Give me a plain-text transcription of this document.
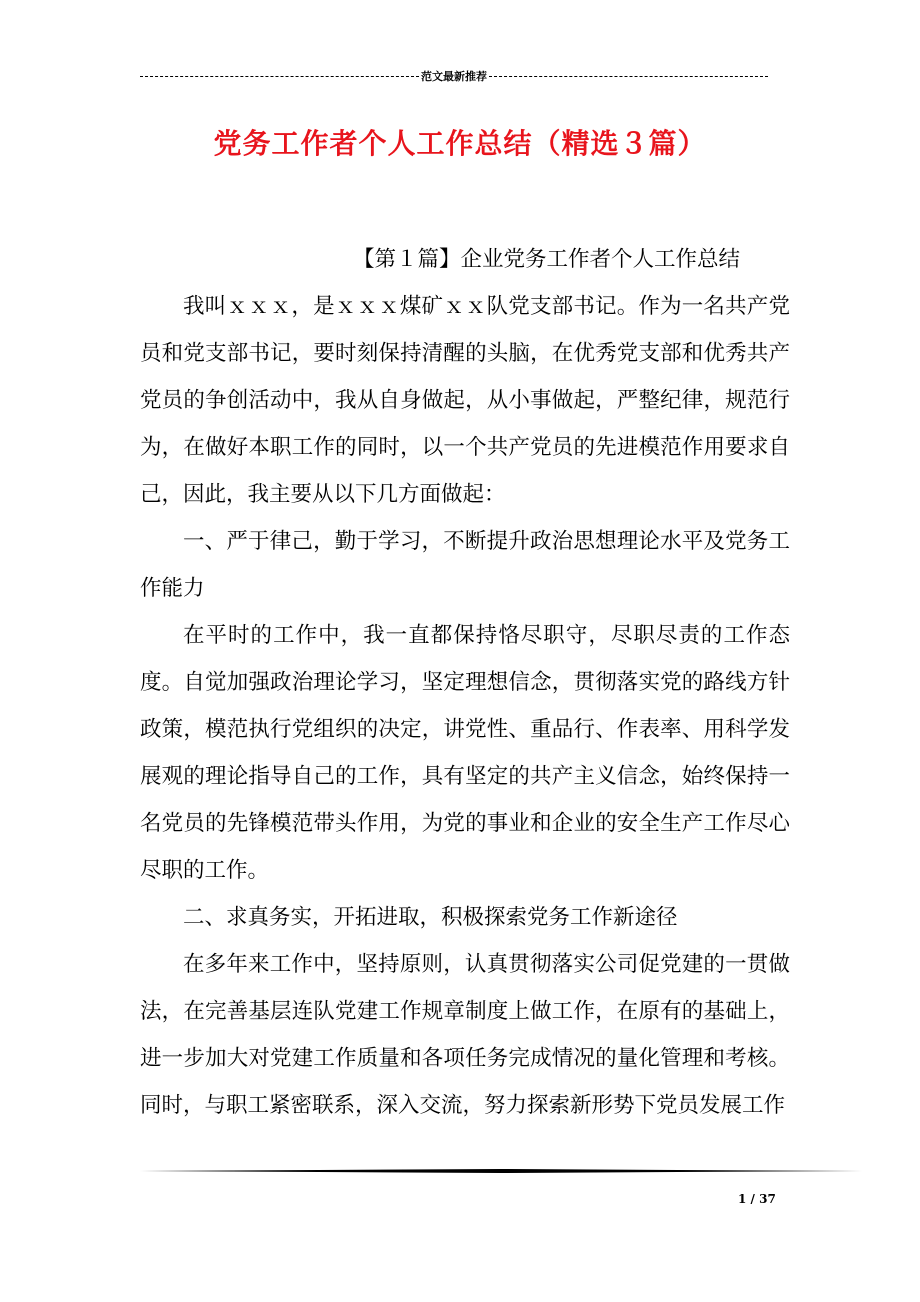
范文最新推荐
党务工作者个人工作总结（精选３篇）

【第１篇】企业党务工作者个人工作总结

我叫ｘｘｘ，是ｘｘｘ煤矿ｘｘ队党支部书记。作为一名共产党员和党支部书记，要时刻保持清醒的头脑，在优秀党支部和优秀共产党员的争创活动中，我从自身做起，从小事做起，严整纪律，规范行为，在做好本职工作的同时，以一个共产党员的先进模范作用要求自己，因此，我主要从以下几方面做起：

一、严于律己，勤于学习，不断提升政治思想理论水平及党务工作能力

在平时的工作中，我一直都保持恪尽职守，尽职尽责的工作态度。自觉加强政治理论学习，坚定理想信念，贯彻落实党的路线方针政策，模范执行党组织的决定，讲党性、重品行、作表率、用科学发展观的理论指导自己的工作，具有坚定的共产主义信念，始终保持一名党员的先锋模范带头作用，为党的事业和企业的安全生产工作尽心尽职的工作。

二、求真务实，开拓进取，积极探索党务工作新途径

在多年来工作中，坚持原则，认真贯彻落实公司促党建的一贯做法，在完善基层连队党建工作规章制度上做工作，在原有的基础上，进一步加大对党建工作质量和各项任务完成情况的量化管理和考核。同时，与职工紧密联系，深入交流，努力探索新形势下党员发展工作

1 / 37
